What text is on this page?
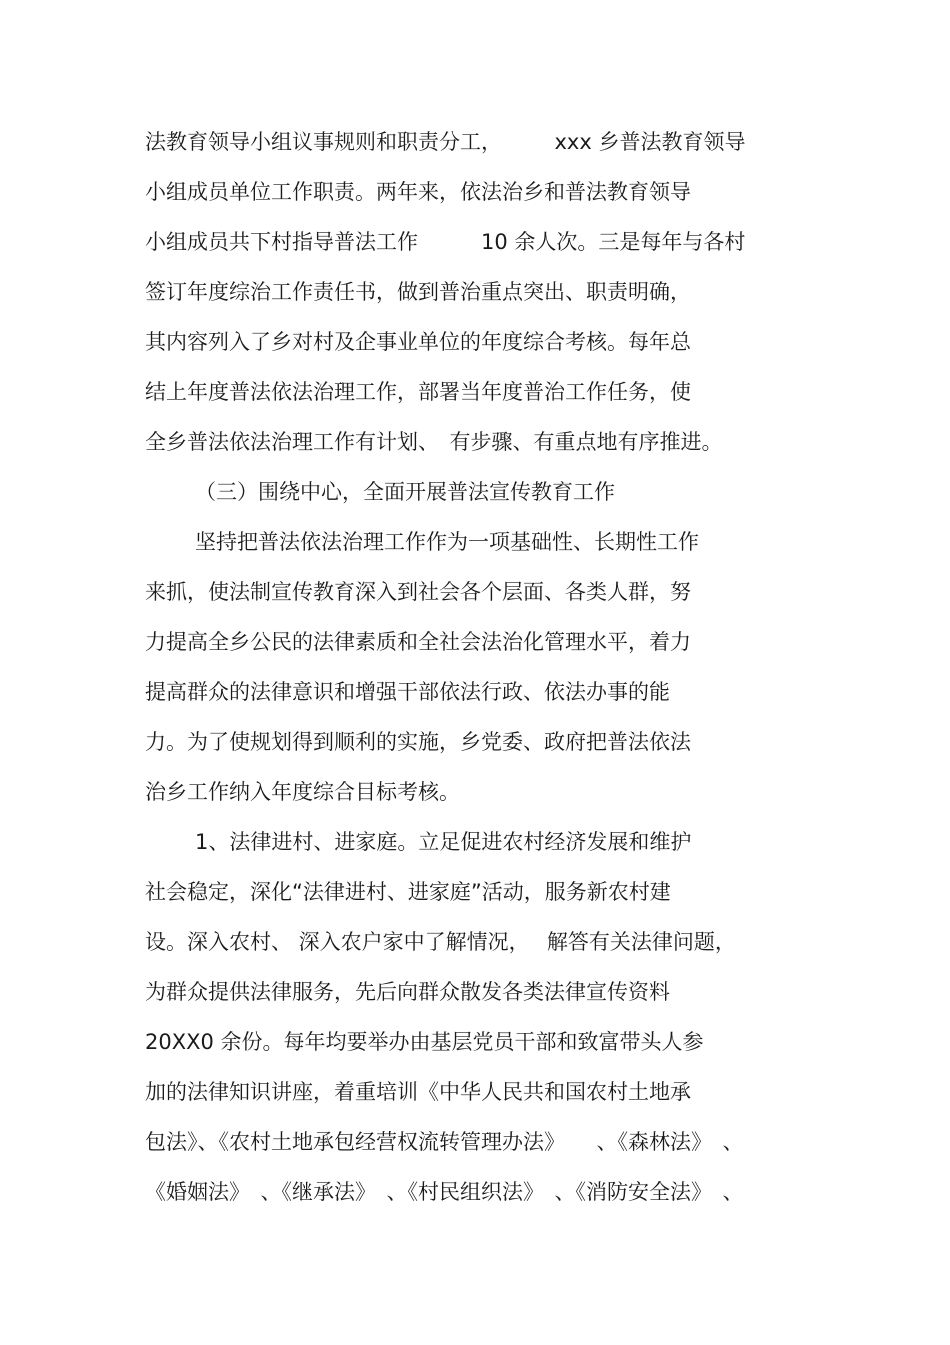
法教育领导小组议事规则和职责分工，　　　xxx 乡普法教育领导
小组成员单位工作职责。两年来，依法治乡和普法教育领导
小组成员共下村指导普法工作　　　10 余人次。三是每年与各村
签订年度综治工作责任书，做到普治重点突出、职责明确，
其内容列入了乡对村及企事业单位的年度综合考核。每年总
结上年度普法依法治理工作，部署当年度普治工作任务，使
全乡普法依法治理工作有计划、　有步骤、有重点地有序推进。
（三）围绕中心，全面开展普法宣传教育工作
坚持把普法依法治理工作作为一项基础性、长期性工作
来抓，使法制宣传教育深入到社会各个层面、各类人群，努
力提高全乡公民的法律素质和全社会法治化管理水平，着力
提高群众的法律意识和增强干部依法行政、依法办事的能
力。为了使规划得到顺利的实施，乡党委、政府把普法依法
治乡工作纳入年度综合目标考核。
1、法律进村、进家庭。立足促进农村经济发展和维护
社会稳定，深化“法律进村、进家庭”活动，服务新农村建
设。深入农村、 深入农户家中了解情况，　 解答有关法律问题，
为群众提供法律服务，先后向群众散发各类法律宣传资料
20XX0 余份。每年均要举办由基层党员干部和致富带头人参
加的法律知识讲座，着重培训《中华人民共和国农村土地承
包法》、《农村土地承包经营权流转管理办法》　　、《森林法》　、
《婚姻法》　、《继承法》　、《村民组织法》　、《消防安全法》　、
